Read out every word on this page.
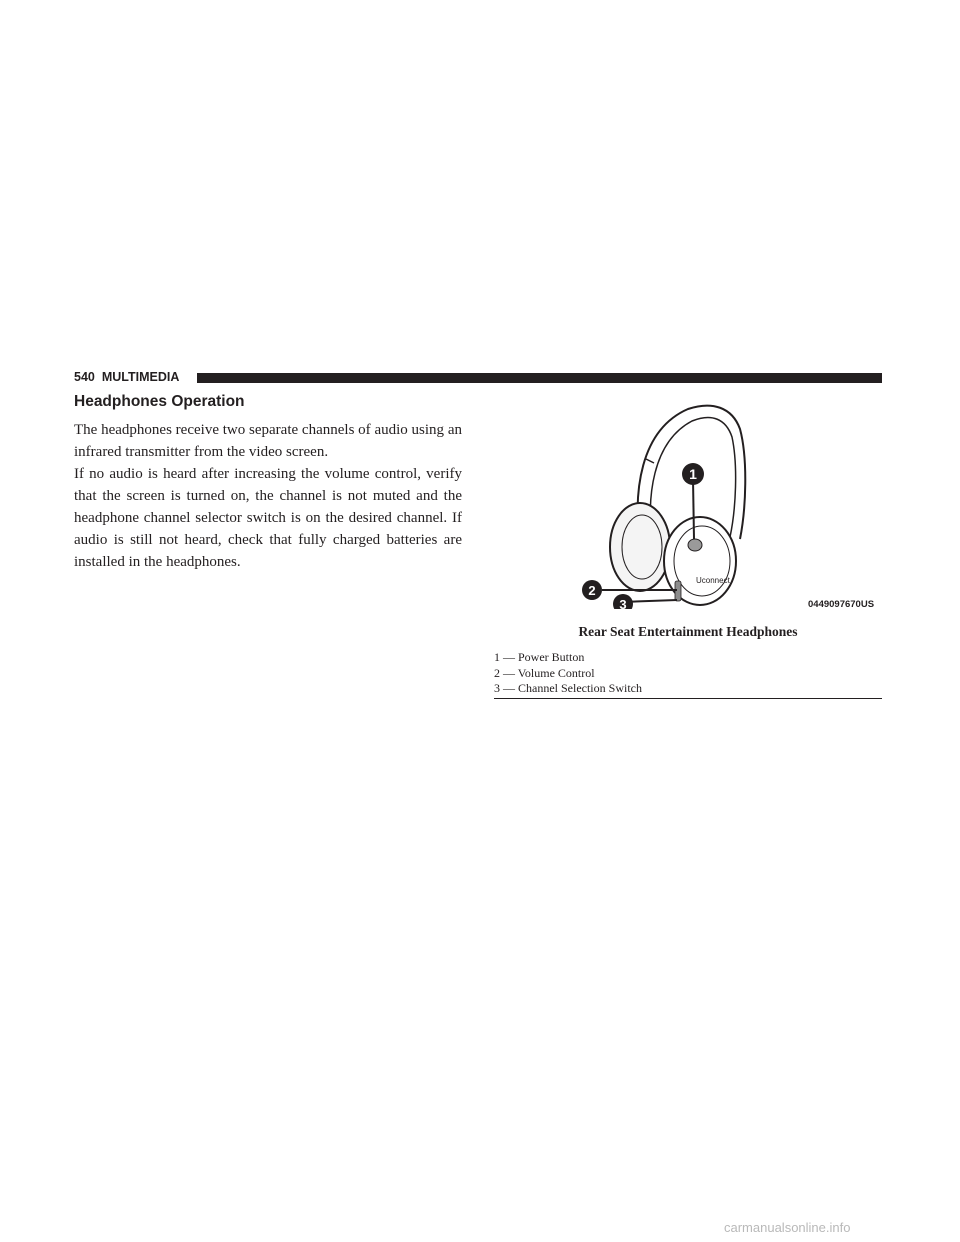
540 MULTIMEDIA
Headphones Operation

The headphones receive two separate channels of audio using an infrared transmitter from the video screen.

If no audio is heard after increasing the volume control, verify that the screen is turned on, the channel is not muted and the headphone channel selector switch is on the desired channel. If audio is still not heard, check that fully charged batteries are installed in the headphones.

Uconnect
1
2
3	0449097670US

Rear Seat Entertainment Headphones

1 — Power Button
2 — Volume Control
3 — Channel Selection Switch
carmanualsonline.info
